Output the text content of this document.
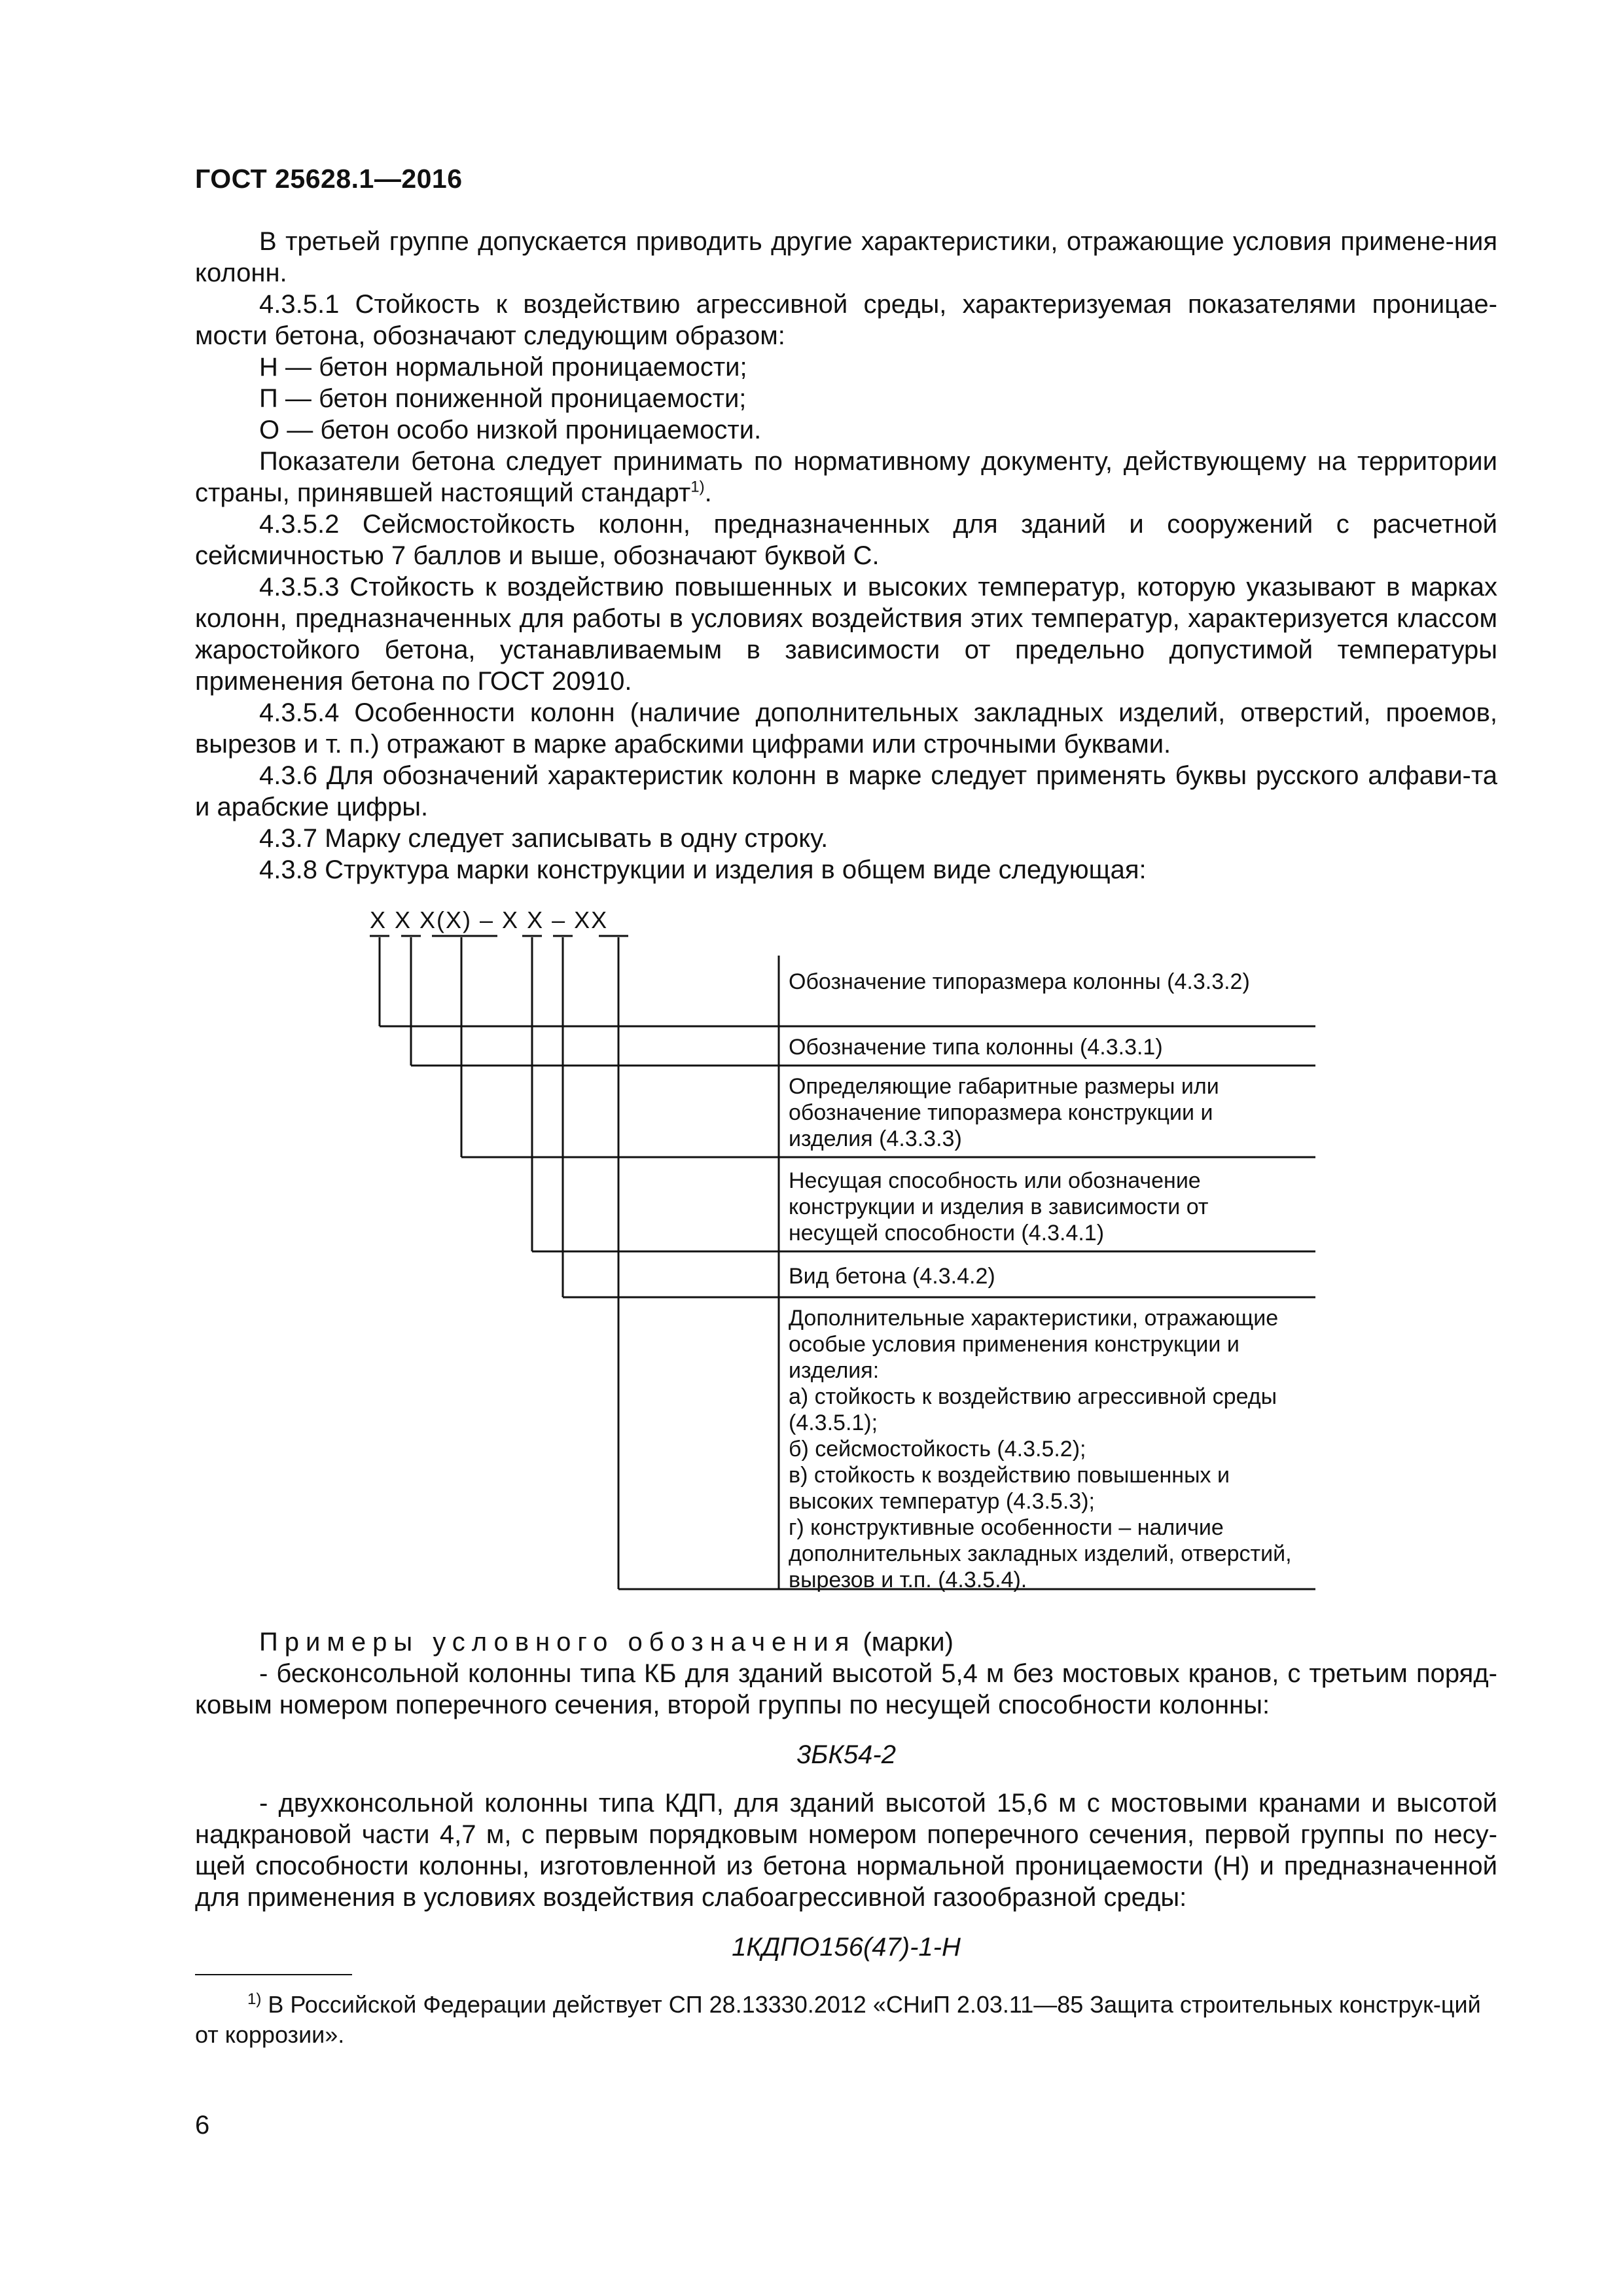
ГОСТ 25628.1—2016

В третьей группе допускается приводить другие характеристики, отражающие условия примене-ния колонн.

4.3.5.1 Стойкость к воздействию агрессивной среды, характеризуемая показателями проницае-мости бетона, обозначают следующим образом:

Н — бетон нормальной проницаемости;

П — бетон пониженной проницаемости;

О — бетон особо низкой проницаемости.

Показатели бетона следует принимать по нормативному документу, действующему на территории страны, принявшей настоящий стандарт$^{1)}$.

4.3.5.2 Сейсмостойкость колонн, предназначенных для зданий и сооружений с расчетной сейсмичностью 7 баллов и выше, обозначают буквой С.

4.3.5.3 Стойкость к воздействию повышенных и высоких температур, которую указывают в марках колонн, предназначенных для работы в условиях воздействия этих температур, характеризуется классом жаростойкого бетона, устанавливаемым в зависимости от предельно допустимой температуры применения бетона по ГОСТ 20910.

4.3.5.4 Особенности колонн (наличие дополнительных закладных изделий, отверстий, проемов, вырезов и т. п.) отражают в марке арабскими цифрами или строчными буквами.

4.3.6 Для обозначений характеристик колонн в марке следует применять буквы русского алфави-та и арабские цифры.

4.3.7 Марку следует записывать в одну строку.

4.3.8 Структура марки конструкции и изделия в общем виде следующая:

Х Х Х(Х) – Х Х – ХХ
Обозначение типоразмера колонны (4.3.3.2)
Обозначение типа колонны (4.3.3.1)
Определяющие габаритные размеры или обозначение типоразмера конструкции и изделия (4.3.3.3)
Несущая способность или обозначение конструкции и изделия в зависимости от несущей способности (4.3.4.1)
Вид бетона (4.3.4.2)
Дополнительные характеристики, отражающие особые условия применения конструкции и изделия:
а) стойкость к воздействию агрессивной среды (4.3.5.1);
б) сейсмостойкость (4.3.5.2);
в) стойкость к воздействию повышенных и высоких температур (4.3.5.3);
г) конструктивные особенности – наличие дополнительных закладных изделий, отверстий, вырезов и т.п. (4.3.5.4).

Примеры условного обозначения (марки)

- бесконсольной колонны типа КБ для зданий высотой 5,4 м без мостовых кранов, с третьим поряд-ковым номером поперечного сечения, второй группы по несущей способности колонны:

3БК54-2

- двухконсольной колонны типа КДП, для зданий высотой 15,6 м с мостовыми кранами и высотой надкрановой части 4,7 м, с первым порядковым номером поперечного сечения, первой группы по несу-щей способности колонны, изготовленной из бетона нормальной проницаемости (Н) и предназначенной для применения в условиях воздействия слабоагрессивной газообразной среды:

1КДПО156(47)-1-Н

$^{1)}$ В Российской Федерации действует СП 28.13330.2012 «СНиП 2.03.11—85 Защита строительных конструк-ций от коррозии».
6
